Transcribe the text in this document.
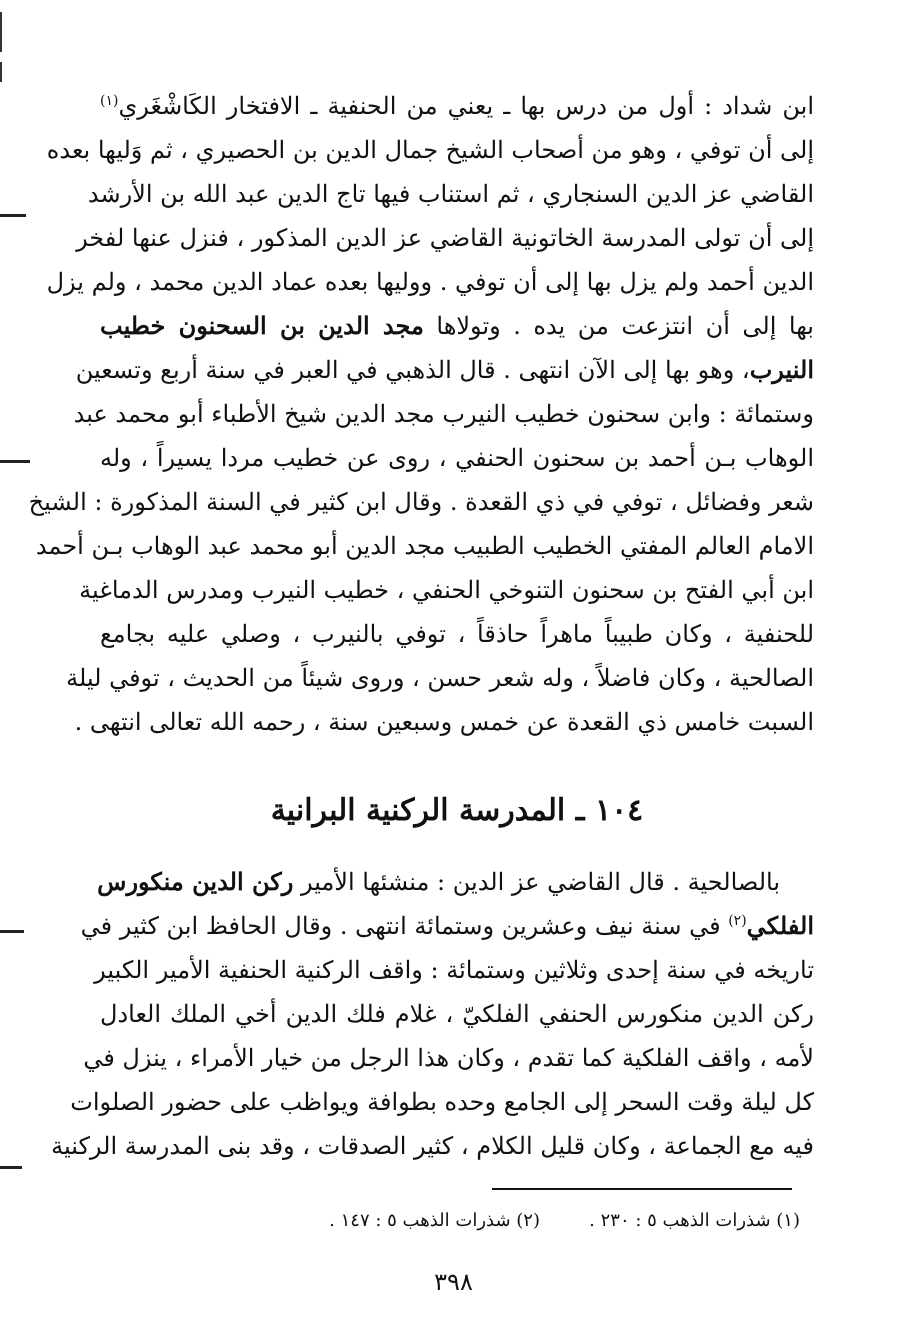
ابن شداد : أول من درس بها ـ يعني من الحنفية ـ الافتخار الكَاشْغَري$^{(١)}$
إلى أن توفي ، وهو من أصحاب الشيخ جمال الدين بن الحصيري ، ثم وَليها بعده
القاضي عز الدين السنجاري ، ثم استناب فيها تاج الدين عبد الله بن الأرشد
إلى أن تولى المدرسة الخاتونية القاضي عز الدين المذكور ، فنزل عنها لفخر
الدين أحمد ولم يزل بها إلى أن توفي . ووليها بعده عماد الدين محمد ، ولم يزل
بها إلى أن انتزعت من يده . وتولاها مجد الدين بن السحنون خطيب
النيرب، وهو بها إلى الآن انتهى . قال الذهبي في العبر في سنة أربع وتسعين
وستمائة : وابن سحنون خطيب النيرب مجد الدين شيخ الأطباء أبو محمد عبد
الوهاب بـن أحمد بن سحنون الحنفي ، روى عن خطيب مردا يسيراً ، وله
شعر وفضائل ، توفي في ذي القعدة . وقال ابن كثير في السنة المذكورة : الشيخ
الامام العالم المفتي الخطيب الطبيب مجد الدين أبو محمد عبد الوهاب بـن أحمد
ابن أبي الفتح بن سحنون التنوخي الحنفي ، خطيب النيرب ومدرس الدماغية
للحنفية ، وكان طبيباً ماهراً حاذقاً ، توفي بالنيرب ، وصلي عليه بجامع
الصالحية ، وكان فاضلاً ، وله شعر حسن ، وروى شيئاً من الحديث ، توفي ليلة
السبت خامس ذي القعدة عن خمس وسبعين سنة ، رحمه الله تعالى انتهى .
١٠٤ ـ المدرسة الركنية البرانية
بالصالحية . قال القاضي عز الدين : منشئها الأمير ركن الدين منكورس
الفلكي$^{(٢)}$ في سنة نيف وعشرين وستمائة انتهى . وقال الحافظ ابن كثير في
تاريخه في سنة إحدى وثلاثين وستمائة : واقف الركنية الحنفية الأمير الكبير
ركن الدين منكورس الحنفي الفلكيّ ، غلام فلك الدين أخي الملك العادل
لأمه ، واقف الفلكية كما تقدم ، وكان هذا الرجل من خيار الأمراء ، ينزل في
كل ليلة وقت السحر إلى الجامع وحده بطوافة ويواظب على حضور الصلوات
فيه مع الجماعة ، وكان قليل الكلام ، كثير الصدقات ، وقد بنى المدرسة الركنية
(١) شذرات الذهب ٥ : ٢٣٠ .
(٢) شذرات الذهب ٥ : ١٤٧ .
٣٩٨
